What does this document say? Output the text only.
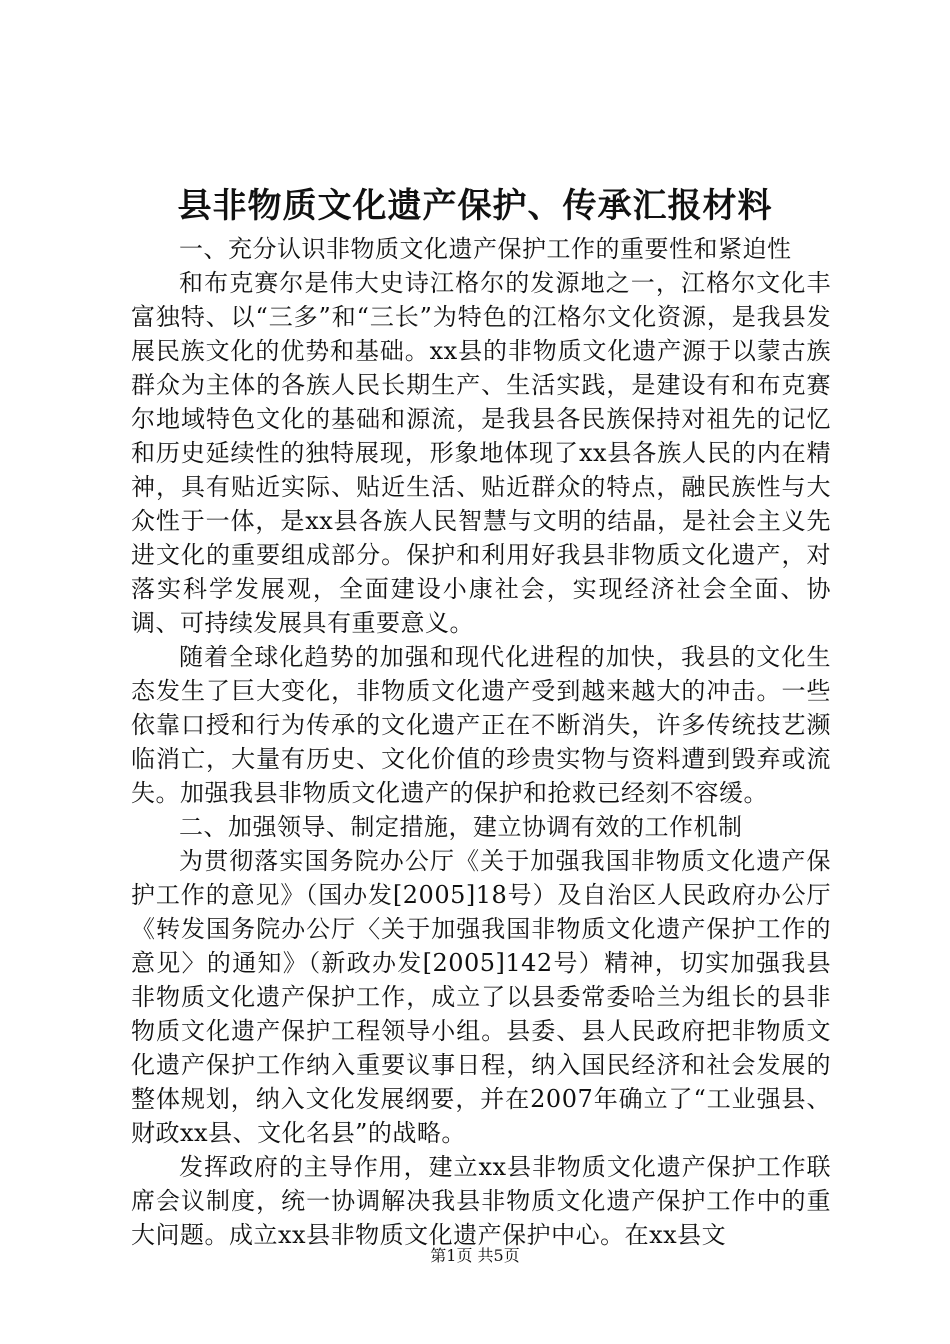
县非物质文化遗产保护、传承汇报材料

一、充分认识非物质文化遗产保护工作的重要性和紧迫性

和布克赛尔是伟大史诗江格尔的发源地之一，江格尔文化丰富独特、以“三多”和“三长”为特色的江格尔文化资源，是我县发展民族文化的优势和基础。xx县的非物质文化遗产源于以蒙古族群众为主体的各族人民长期生产、生活实践，是建设有和布克赛尔地域特色文化的基础和源流，是我县各民族保持对祖先的记忆和历史延续性的独特展现，形象地体现了xx县各族人民的内在精神，具有贴近实际、贴近生活、贴近群众的特点，融民族性与大众性于一体，是xx县各族人民智慧与文明的结晶，是社会主义先进文化的重要组成部分。保护和利用好我县非物质文化遗产，对落实科学发展观，全面建设小康社会，实现经济社会全面、协调、可持续发展具有重要意义。

随着全球化趋势的加强和现代化进程的加快，我县的文化生态发生了巨大变化，非物质文化遗产受到越来越大的冲击。一些依靠口授和行为传承的文化遗产正在不断消失，许多传统技艺濒临消亡，大量有历史、文化价值的珍贵实物与资料遭到毁弃或流失。加强我县非物质文化遗产的保护和抢救已经刻不容缓。

二、加强领导、制定措施，建立协调有效的工作机制

为贯彻落实国务院办公厅《关于加强我国非物质文化遗产保护工作的意见》（国办发[2005]18号）及自治区人民政府办公厅《转发国务院办公厅〈关于加强我国非物质文化遗产保护工作的意见〉的通知》（新政办发[2005]142号）精神，切实加强我县非物质文化遗产保护工作，成立了以县委常委哈兰为组长的县非物质文化遗产保护工程领导小组。县委、县人民政府把非物质文化遗产保护工作纳入重要议事日程，纳入国民经济和社会发展的整体规划，纳入文化发展纲要，并在2007年确立了“工业强县、财政xx县、文化名县”的战略。

发挥政府的主导作用，建立xx县非物质文化遗产保护工作联席会议制度，统一协调解决我县非物质文化遗产保护工作中的重大问题。成立xx县非物质文化遗产保护中心。在xx县文

第1页 共5页
